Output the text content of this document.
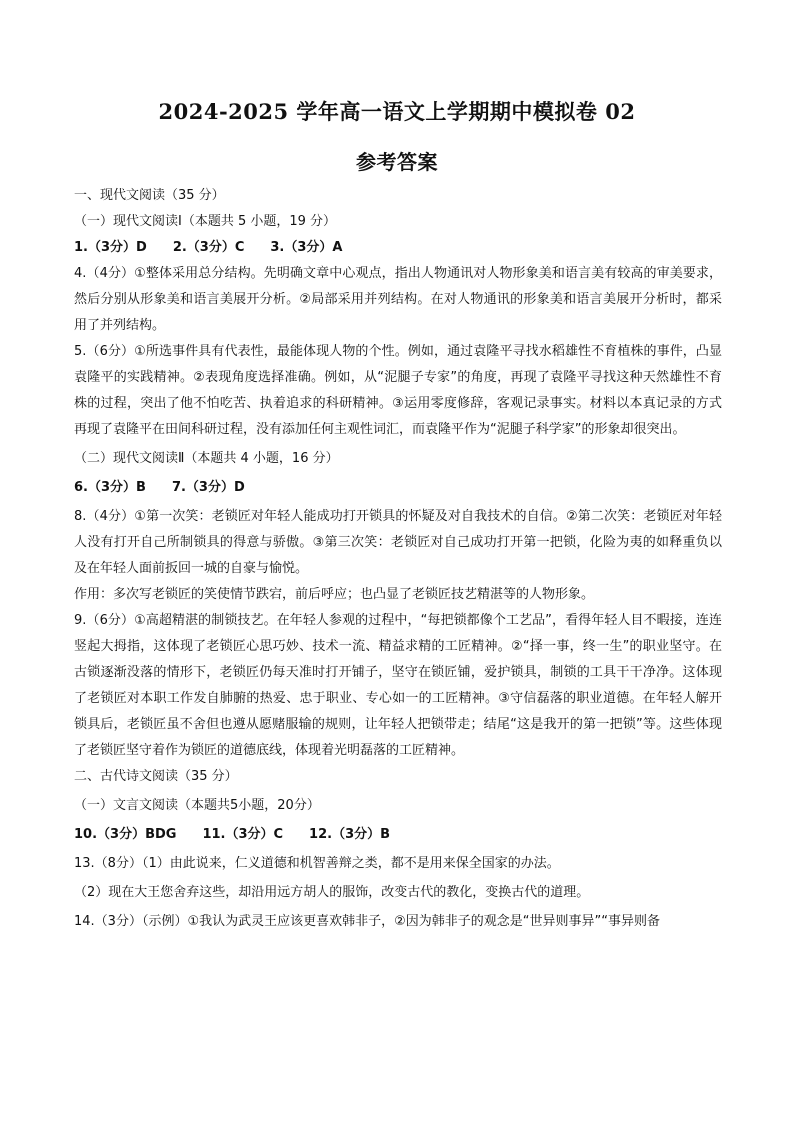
2024-2025 学年高一语文上学期期中模拟卷 02
参考答案

一、现代文阅读（35 分）

（一）现代文阅读Ⅰ（本题共 5 小题，19 分）

1.（3分）D　　2.（3分）C　　3.（3分）A

4.（4分）①整体采用总分结构。先明确文章中心观点，指出人物通讯对人物形象美和语言美有较高的审美要求，然后分别从形象美和语言美展开分析。②局部采用并列结构。在对人物通讯的形象美和语言美展开分析时，都采用了并列结构。

5.（6分）①所选事件具有代表性，最能体现人物的个性。例如，通过袁隆平寻找水稻雄性不育植株的事件，凸显袁隆平的实践精神。②表现角度选择准确。例如，从“泥腿子专家”的角度，再现了袁隆平寻找这种天然雄性不育株的过程，突出了他不怕吃苦、执着追求的科研精神。③运用零度修辞，客观记录事实。材料以本真记录的方式再现了袁隆平在田间科研过程，没有添加任何主观性词汇，而袁隆平作为“泥腿子科学家”的形象却很突出。

（二）现代文阅读Ⅱ（本题共 4 小题，16 分）

6.（3分）B　　7.（3分）D

8.（4分）①第一次笑：老锁匠对年轻人能成功打开锁具的怀疑及对自我技术的自信。②第二次笑：老锁匠对年轻人没有打开自己所制锁具的得意与骄傲。③第三次笑：老锁匠对自己成功打开第一把锁，化险为夷的如释重负以及在年轻人面前扳回一城的自豪与愉悦。

作用：多次写老锁匠的笑使情节跌宕，前后呼应；也凸显了老锁匠技艺精湛等的人物形象。

9.（6分）①高超精湛的制锁技艺。在年轻人参观的过程中，“每把锁都像个工艺品”，看得年轻人目不暇接，连连竖起大拇指，这体现了老锁匠心思巧妙、技术一流、精益求精的工匠精神。②“择一事，终一生”的职业坚守。在古锁逐渐没落的情形下，老锁匠仍每天准时打开铺子，坚守在锁匠铺，爱护锁具，制锁的工具干干净净。这体现了老锁匠对本职工作发自肺腑的热爱、忠于职业、专心如一的工匠精神。③守信磊落的职业道德。在年轻人解开锁具后，老锁匠虽不舍但也遵从愿赌服输的规则，让年轻人把锁带走；结尾“这是我开的第一把锁”等。这些体现了老锁匠坚守着作为锁匠的道德底线，体现着光明磊落的工匠精神。

二、古代诗文阅读（35 分）

（一）文言文阅读（本题共5小题，20分）

10.（3分）BDG　　11.（3分）C　　12.（3分）B

13.（8分）（1）由此说来，仁义道德和机智善辩之类，都不是用来保全国家的办法。

（2）现在大王您舍弃这些，却沿用远方胡人的服饰，改变古代的教化，变换古代的道理。

14.（3分）（示例）①我认为武灵王应该更喜欢韩非子，②因为韩非子的观念是“世异则事异”“事异则备
